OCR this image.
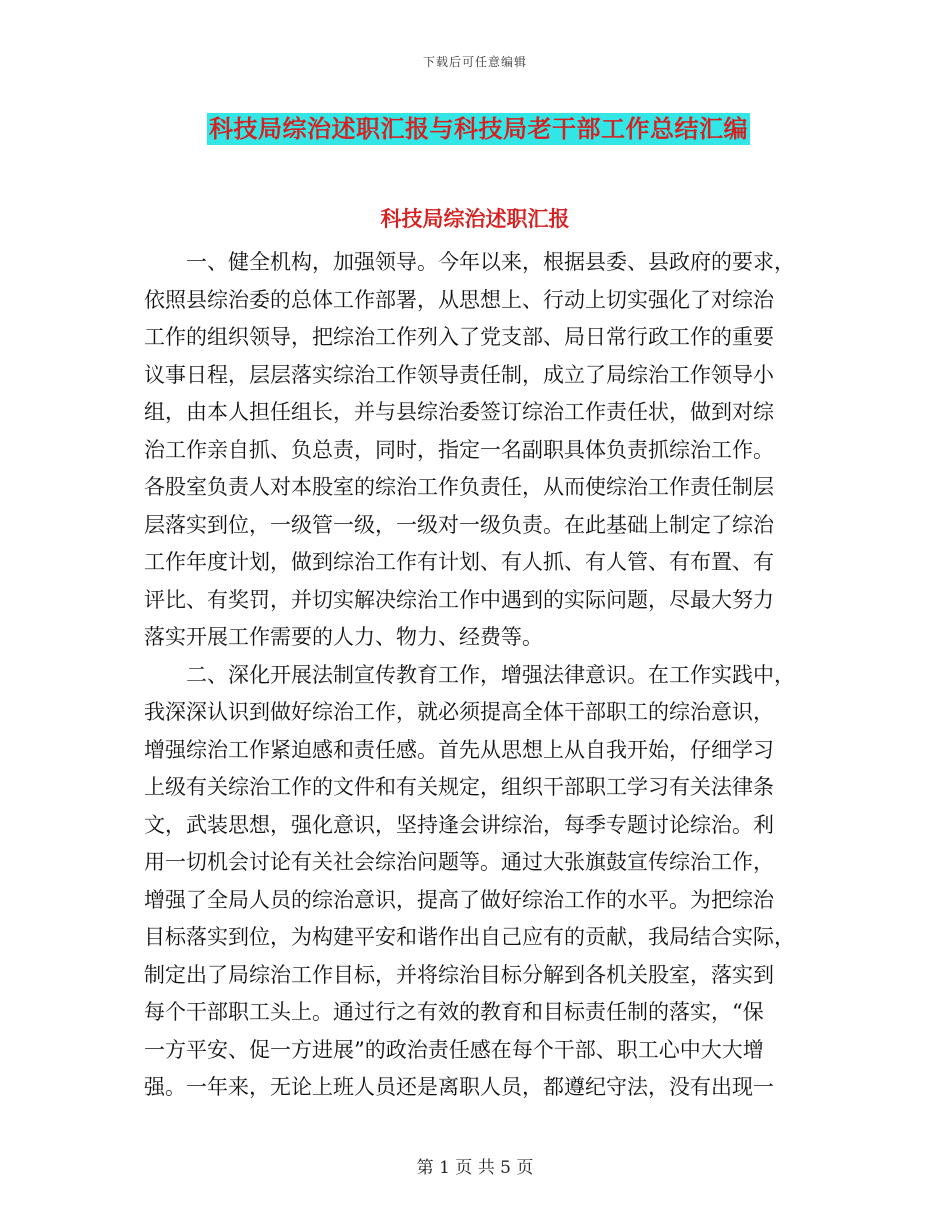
下载后可任意编辑
科技局综治述职汇报与科技局老干部工作总结汇编
科技局综治述职汇报
　　一、健全机构，加强领导。今年以来，根据县委、县政府的要求，
依照县综治委的总体工作部署，从思想上、行动上切实强化了对综治
工作的组织领导，把综治工作列入了党支部、局日常行政工作的重要
议事日程，层层落实综治工作领导责任制，成立了局综治工作领导小
组，由本人担任组长，并与县综治委签订综治工作责任状，做到对综
治工作亲自抓、负总责，同时，指定一名副职具体负责抓综治工作。
各股室负责人对本股室的综治工作负责任，从而使综治工作责任制层
层落实到位，一级管一级，一级对一级负责。在此基础上制定了综治
工作年度计划，做到综治工作有计划、有人抓、有人管、有布置、有
评比、有奖罚，并切实解决综治工作中遇到的实际问题，尽最大努力
落实开展工作需要的人力、物力、经费等。
　　二、深化开展法制宣传教育工作，增强法律意识。在工作实践中，
我深深认识到做好综治工作，就必须提高全体干部职工的综治意识，
增强综治工作紧迫感和责任感。首先从思想上从自我开始，仔细学习
上级有关综治工作的文件和有关规定，组织干部职工学习有关法律条
文，武装思想，强化意识，坚持逢会讲综治，每季专题讨论综治。利
用一切机会讨论有关社会综治问题等。通过大张旗鼓宣传综治工作，
增强了全局人员的综治意识，提高了做好综治工作的水平。为把综治
目标落实到位，为构建平安和谐作出自己应有的贡献，我局结合实际，
制定出了局综治工作目标，并将综治目标分解到各机关股室，落实到
每个干部职工头上。通过行之有效的教育和目标责任制的落实，“保
一方平安、促一方进展”的政治责任感在每个干部、职工心中大大增
强。一年来，无论上班人员还是离职人员，都遵纪守法，没有出现一
第 1 页 共 5 页
